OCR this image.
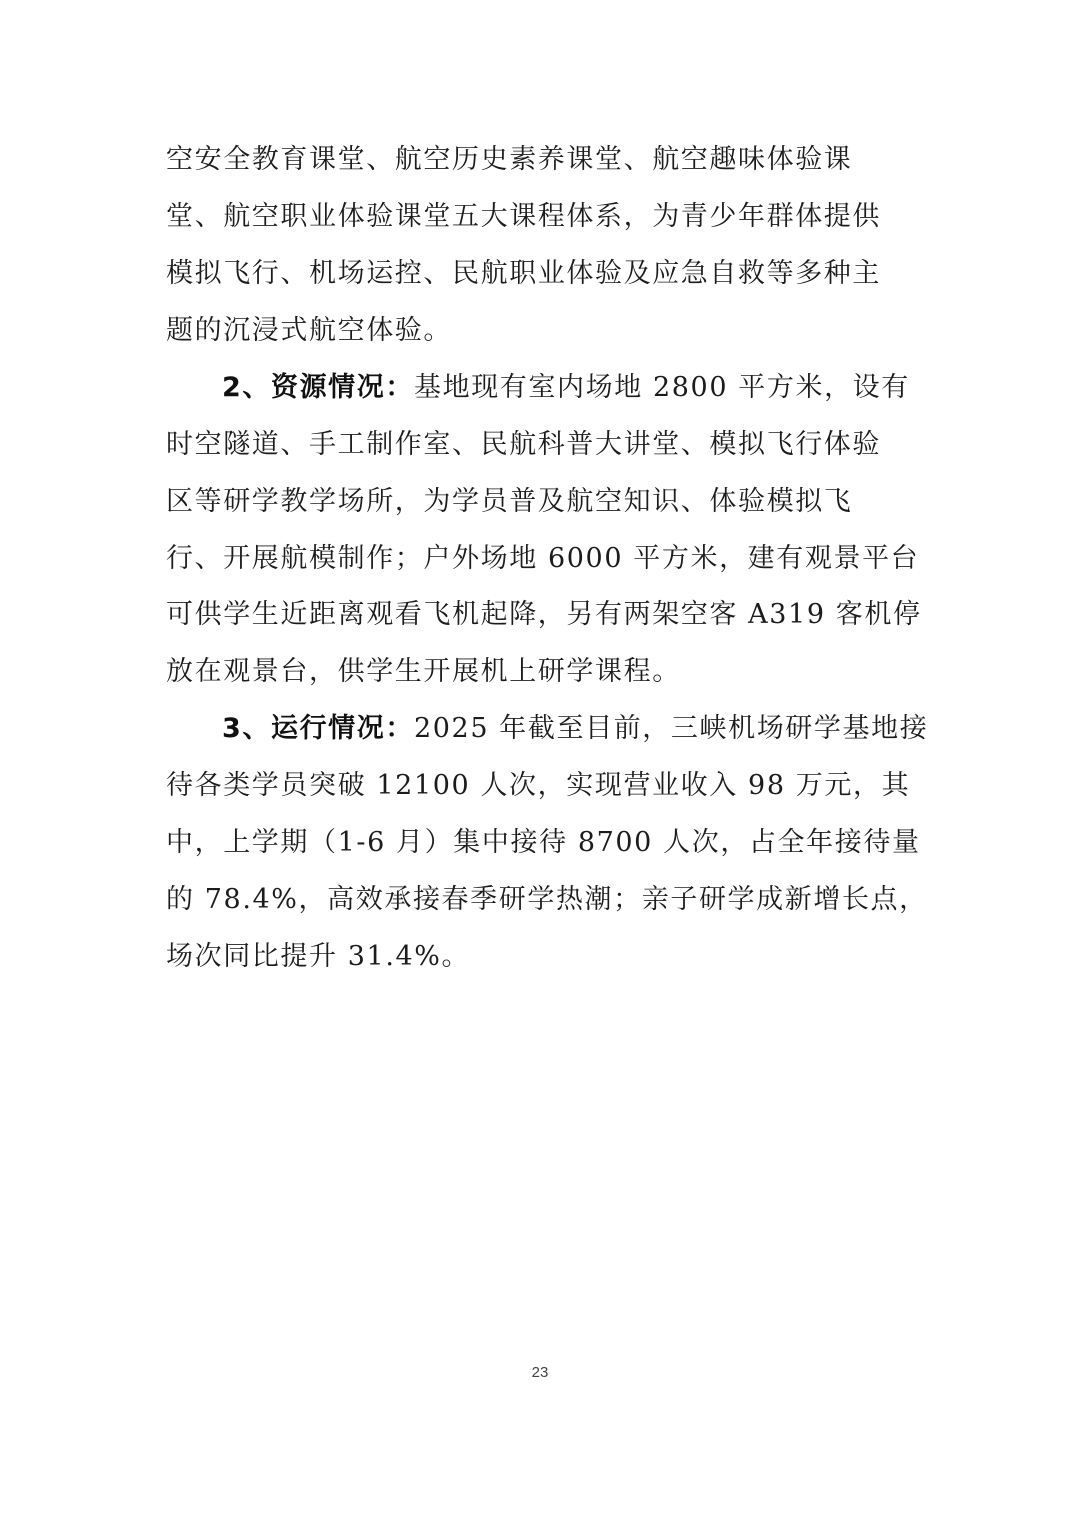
空安全教育课堂、航空历史素养课堂、航空趣味体验课
堂、航空职业体验课堂五大课程体系，为青少年群体提供
模拟飞行、机场运控、民航职业体验及应急自救等多种主
题的沉浸式航空体验。
2、资源情况：基地现有室内场地 2800 平方米，设有
时空隧道、手工制作室、民航科普大讲堂、模拟飞行体验
区等研学教学场所，为学员普及航空知识、体验模拟飞
行、开展航模制作；户外场地 6000 平方米，建有观景平台
可供学生近距离观看飞机起降，另有两架空客 A319 客机停
放在观景台，供学生开展机上研学课程。
3、运行情况：2025 年截至目前，三峡机场研学基地接
待各类学员突破 12100 人次，实现营业收入 98 万元，其
中，上学期（1-6 月）集中接待 8700 人次，占全年接待量
的 78.4%，高效承接春季研学热潮；亲子研学成新增长点，
场次同比提升 31.4%。
23
